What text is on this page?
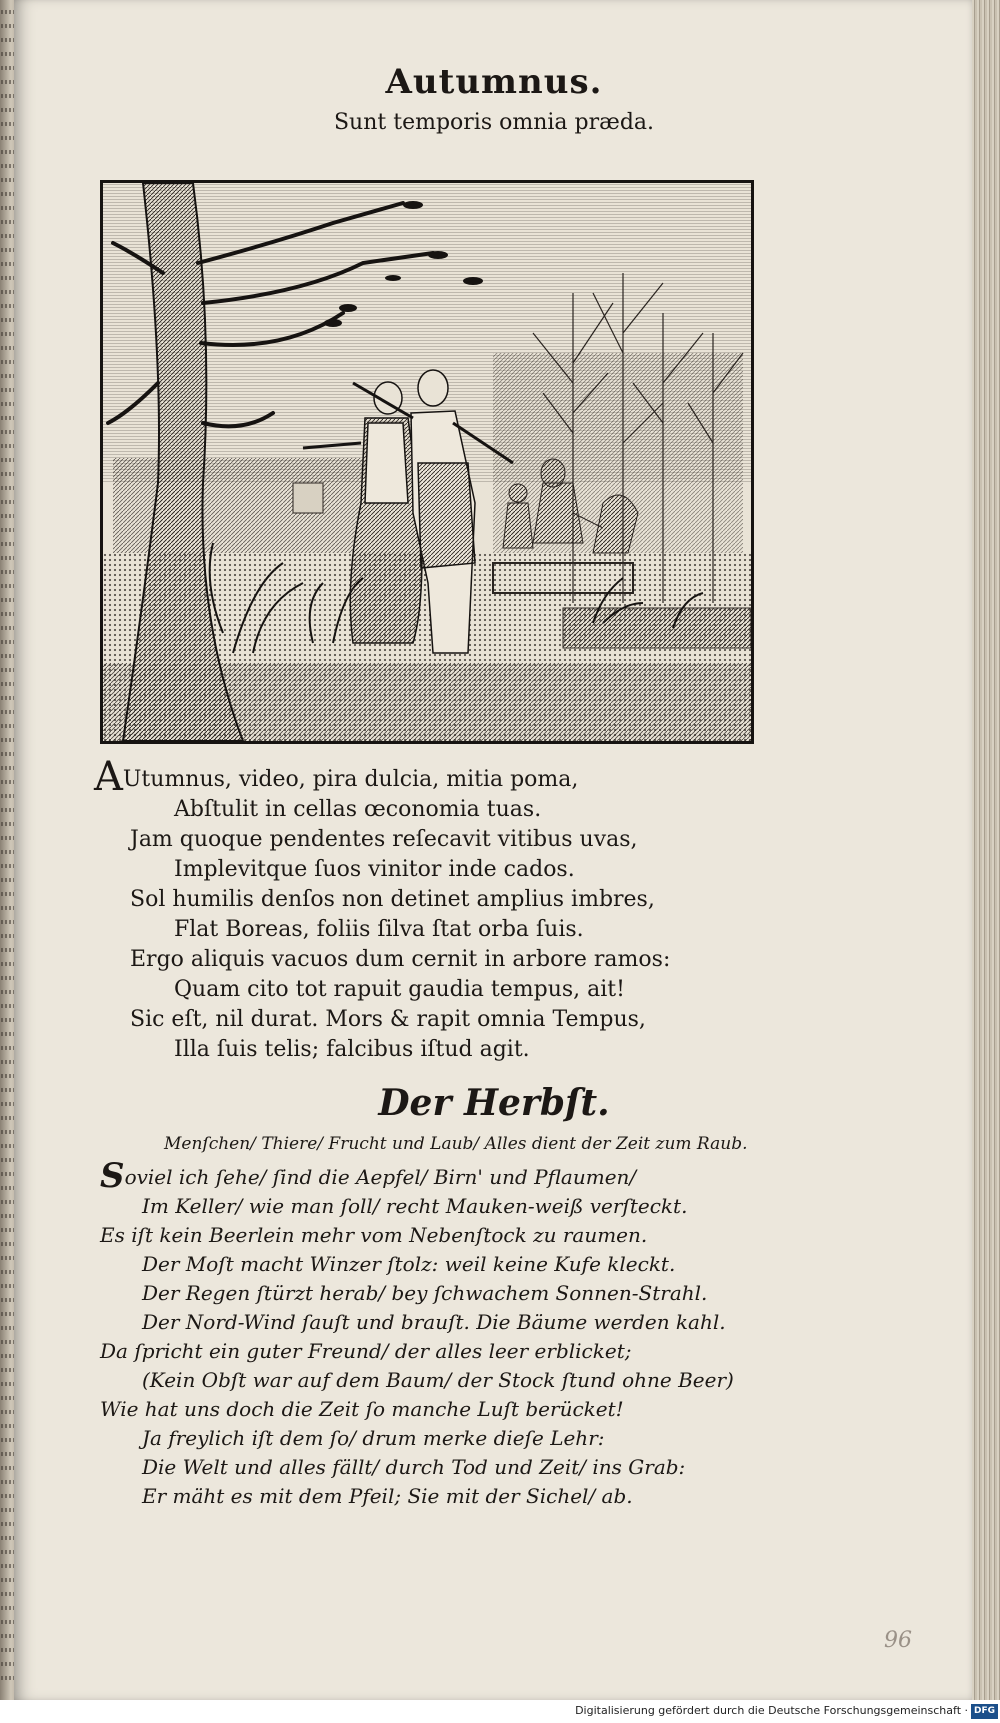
Autumnus.
Sunt temporis omnia præda.
AUtumnus, video, pira dulcia, mitia poma,
Abſtulit in cellas œconomia tuas.
Jam quoque pendentes reſecavit vitibus uvas,
Implevitque ſuos vinitor inde cados.
Sol humilis denſos non detinet amplius imbres,
Flat Boreas, foliis ſilva ſtat orba ſuis.
Ergo aliquis vacuos dum cernit in arbore ramos:
Quam cito tot rapuit gaudia tempus, ait!
Sic eſt, nil durat. Mors & rapit omnia Tempus,
Illa ſuis telis; falcibus iſtud agit.
Der Herbſt.
Menſchen/ Thiere/ Frucht und Laub/ Alles dient der Zeit zum Raub.
Soviel ich ſehe/ ſind die Aepfel/ Birn' und Pflaumen/
Im Keller/ wie man ſoll/ recht Mauken-weiß verſteckt.
Es iſt kein Beerlein mehr vom Nebenſtock zu raumen.
Der Moſt macht Winzer ſtolz: weil keine Kufe kleckt.
Der Regen ſtürzt herab/ bey ſchwachem Sonnen-Strahl.
Der Nord-Wind ſauſt und brauſt. Die Bäume werden kahl.
Da ſpricht ein guter Freund/ der alles leer erblicket;
(Kein Obſt war auf dem Baum/ der Stock ſtund ohne Beer)
Wie hat uns doch die Zeit ſo manche Luſt berücket!
Ja freylich iſt dem ſo/ drum merke dieſe Lehr:
Die Welt und alles fällt/ durch Tod und Zeit/ ins Grab:
Er mäht es mit dem Pfeil; Sie mit der Sichel/ ab.
96
Digitalisierung gefördert durch die Deutsche Forschungsgemeinschaft · DFG
